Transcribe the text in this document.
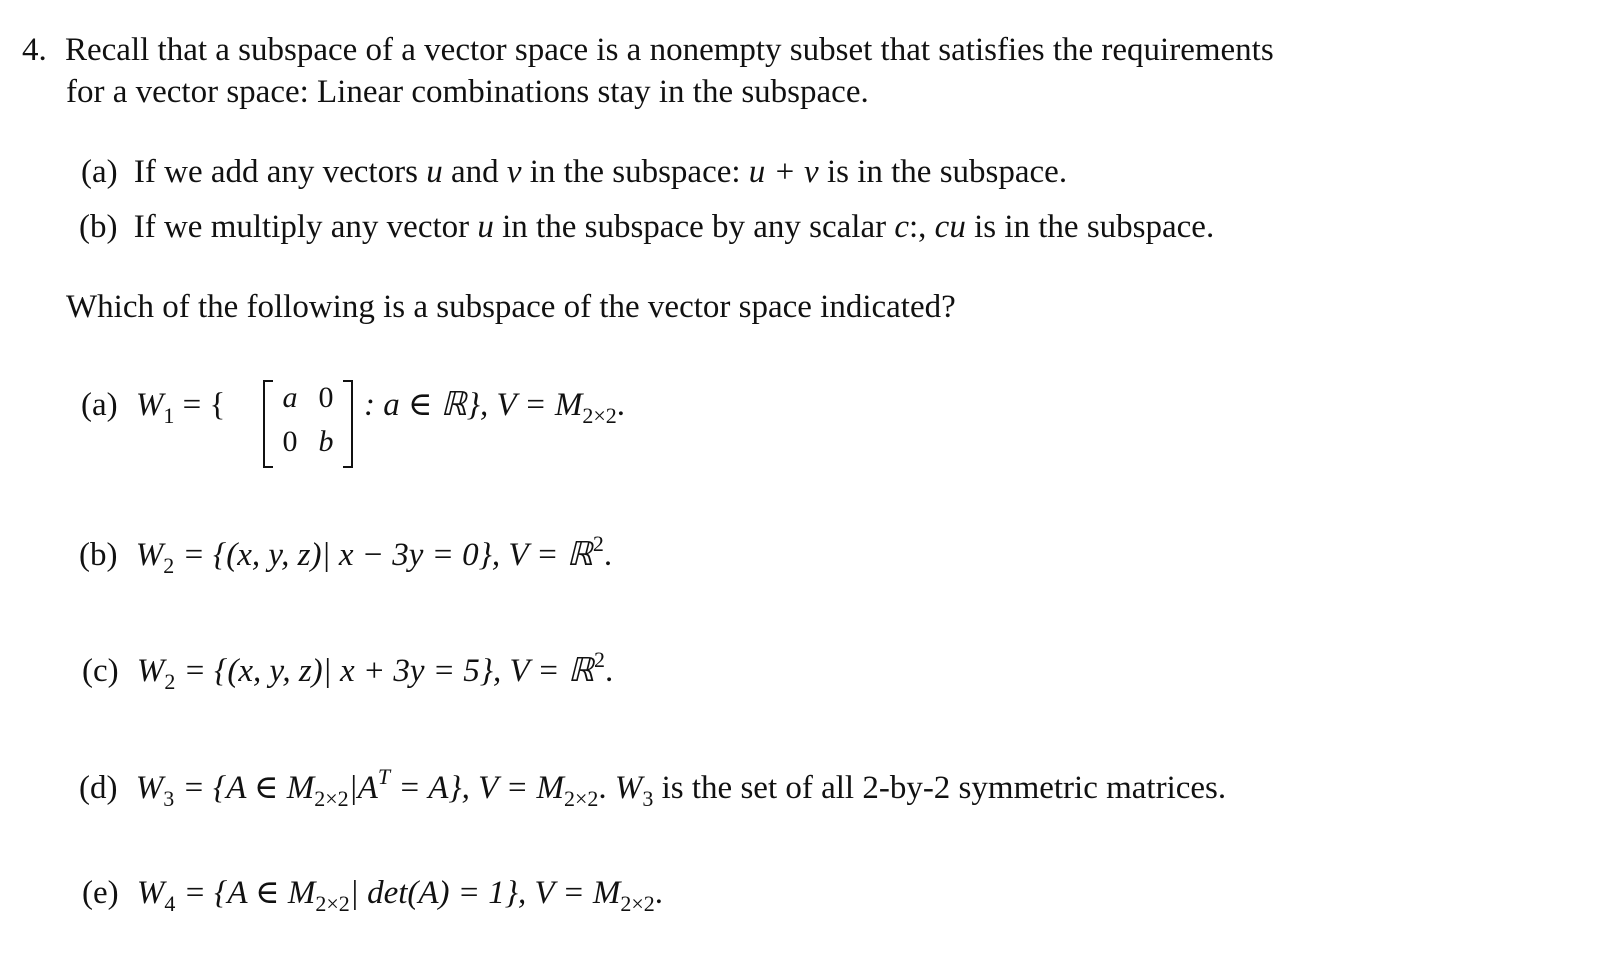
4. Recall that a subspace of a vector space is a nonempty subset that satisfies the requirements
for a vector space: Linear combinations stay in the subspace.
(a) If we add any vectors u and v in the subspace: u + v is in the subspace.
(b) If we multiply any vector u in the subspace by any scalar c:, cu is in the subspace.
Which of the following is a subspace of the vector space indicated?
(a) $W_1$ = { a 0
0 b
: a ∈ ℝ}, $V = M_{2\times 2}$.
(b) $W_2 = \{(x$, y, z)| x − 3y = 0}, V = ℝ$^2$.
(c) $W_2 = \{(x$, y, z)| x + 3y = 5}, V = ℝ$^2$.
(d) $W_3 = \{A$ ∈ $M_{2\times 2}|A^T = A$}, $V = M_{2\times 2}$. $W_3$ is the set of all 2-by-2 symmetric matrices.
(e) $W_4 = \{A$ ∈ $M_{2\times 2}|$ det(A) = 1}, $V = M_{2\times 2}$.
